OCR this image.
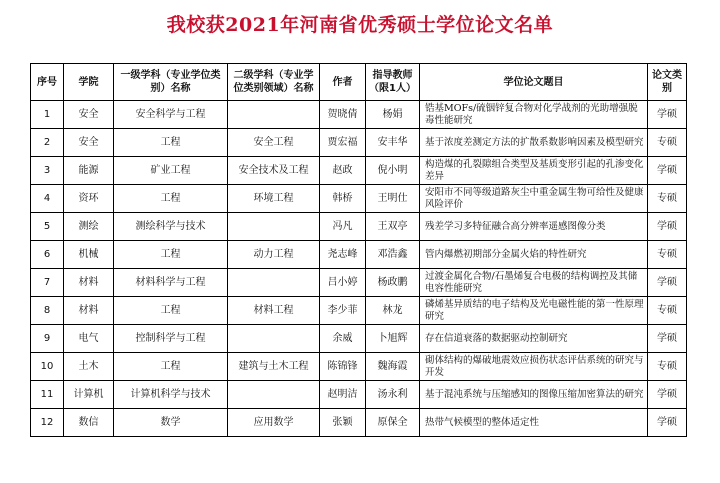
我校获2021年河南省优秀硕士学位论文名单
序号	学院	一级学科（专业学位类别）名称	二级学科（专业学位类别领域）名称	作者	指导教师（限1人）	学位论文题目	论文类别
1	安全	安全科学与工程		贺晓倩	杨娟	锆基MOFs/硫铟锌复合物对化学战剂的光助增强脱毒性能研究	学硕
2	安全	工程	安全工程	贾宏福	安丰华	基于浓度差测定方法的扩散系数影响因素及模型研究	专硕
3	能源	矿业工程	安全技术及工程	赵政	倪小明	构造煤的孔裂隙组合类型及基质变形引起的孔渗变化差异	学硕
4	资环	工程	环境工程	韩桥	王明仕	安阳市不同等级道路灰尘中重金属生物可给性及健康风险评价	专硕
5	测绘	测绘科学与技术		冯凡	王双亭	残差学习多特征融合高分辨率遥感图像分类	学硕
6	机械	工程	动力工程	尧志峰	邓浩鑫	管内爆燃初期部分金属火焰的特性研究	专硕
7	材料	材料科学与工程		吕小婷	杨政鹏	过渡金属化合物/石墨烯复合电极的结构调控及其储电容性能研究	学硕
8	材料	工程	材料工程	李少菲	林龙	磷烯基异质结的电子结构及光电磁性能的第一性原理研究	专硕
9	电气	控制科学与工程		余威	卜旭辉	存在信道衰落的数据驱动控制研究	学硕
10	土木	工程	建筑与土木工程	陈锦锋	魏海霞	砌体结构的爆破地震效应损伤状态评估系统的研究与开发	专硕
11	计算机	计算机科学与技术		赵明洁	汤永利	基于混沌系统与压缩感知的图像压缩加密算法的研究	学硕
12	数信	数学	应用数学	张颖	原保全	热带气候模型的整体适定性	学硕
